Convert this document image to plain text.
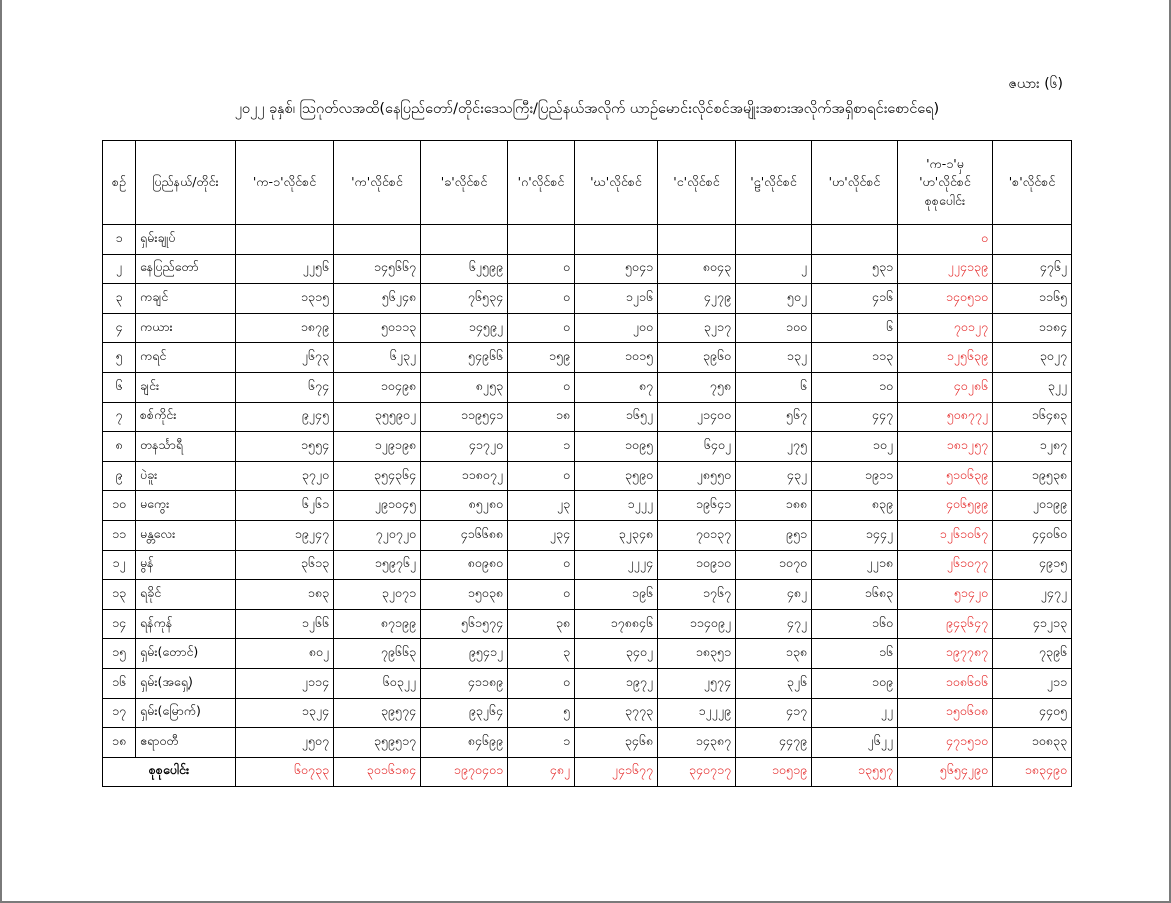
ဇယား (၆)
၂၀၂၂ ခုနှစ်၊ ဩဂုတ်လအထိ(နေပြည်တော်/တိုင်းဒေသကြီး/ပြည်နယ်အလိုက် ယာဉ်မောင်းလိုင်စင်အမျိုးအစားအလိုက်အရှိစာရင်းစောင်ရေ)
စဉ်	ပြည်နယ်/တိုင်း	'က-၁'လိုင်စင်	'က'လိုင်စင်	'ခ'လိုင်စင်	'ဂ'လိုင်စင်	'ဃ'လိုင်စင်	'င'လိုင်စင်	'ဠ'လိုင်စင်	'ဟ'လိုင်စင်	'က-၁'မှ 'ဟ'လိုင်စင် စုစုပေါင်း	'စ'လိုင်စင်
၁	ရှမ်းချုပ်									၀	
၂	နေပြည်တော်	၂၂၅၆	၁၄၅၆၆၇	၆၂၅၉၉	၀	၅၀၄၁	၈၀၄၃	၂	၅၃၁	၂၂၄၁၃၉	၄၇၆၂
၃	ကချင်	၁၃၁၅	၅၆၂၄၈	၇၆၅၃၄	၀	၁၂၁၆	၄၂၇၉	၅၀၂	၄၁၆	၁၄၀၅၁၀	၁၁၆၅
၄	ကယား	၁၈၇၉	၅၀၁၁၃	၁၄၅၉၂	၀	၂၀၀	၃၂၁၇	၁၀၀	၆	၇၀၁၂၇	၁၁၈၄
၅	ကရင်	၂၆၇၃	၆၂၃၂	၅၄၉၆၆	၁၅၉	၁၀၁၅	၃၉၆၀	၁၃၂	၁၁၃	၁၂၅၆၃၉	၃၀၂၇
၆	ချင်း	၆၇၄	၁၀၄၉၈	၈၂၅၃	၀	၈၇	၇၅၈	၆	၁၀	၄၀၂၈၆	၃၂၂
၇	စစ်ကိုင်း	၉၂၄၅	၃၅၅၉၀၂	၁၁၉၅၄၁	၁၈	၁၆၅၂	၂၁၄၀၀	၅၆၇	၄၄၇	၅၀၈၇၇၂	၁၆၄၈၃
၈	တနင်္သာရီ	၁၅၅၄	၁၂၉၁၉၈	၄၁၇၂၀	၁	၁၀၉၅	၆၄၀၂	၂၇၅	၁၀၂	၁၈၁၂၅၇	၁၂၈၇
၉	ပဲခူး	၃၇၂၀	၃၅၄၃၆၄	၁၁၈၀၇၂	၀	၃၅၉၀	၂၈၅၅၀	၄၃၂	၁၉၁၁	၅၁၀၆၃၉	၁၉၅၃၈
၁၀	မကွေး	၆၂၆၁	၂၉၁၀၄၅	၈၅၂၈၀	၂၃	၁၂၂၂	၁၉၆၄၁	၁၈၈	၈၃၉	၄၀၆၅၉၉	၂၀၁၉၉
၁၁	မန္တလေး	၁၉၂၄၇	၇၂၀၇၂၀	၄၁၆၆၈၈	၂၃၄	၃၂၃၄၈	၇၀၁၃၇	၉၅၁	၁၄၄၂	၁၂၆၁၀၆၇	၄၄၀၆၀
၁၂	မွန်	၃၆၁၃	၁၅၉၇၆၂	၈၀၉၈၀	၀	၂၂၂၄	၁၀၉၁၀	၁၀၇၀	၂၂၁၈	၂၆၁၀၇၇	၄၉၁၅
၁၃	ရခိုင်	၁၈၃	၃၂၀၇၁	၁၅၀၃၈	၀	၁၉၆	၁၇၆၇	၄၈၂	၁၆၈၃	၅၁၄၂၀	၂၄၇၂
၁၄	ရန်ကုန်	၁၂၆၆	၈၇၁၉၉	၅၆၁၅၇၄	၃၈	၁၇၈၈၄၆	၁၁၄၀၉၂	၄၇၂	၁၆၀	၉၄၃၆၄၇	၄၁၂၁၃
၁၅	ရှမ်း(တောင်)	၈၀၂	၇၉၆၆၃	၉၅၄၁၂	၃	၃၄၀၂	၁၈၃၅၁	၁၃၈	၁၆	၁၉၇၇၈၇	၇၃၉၆
၁၆	ရှမ်း(အရှေ့)	၂၁၁၄	၆၀၃၂၂	၄၁၁၈၉	၀	၁၉၇၂	၂၅၇၄	၃၂၆	၁၀၉	၁၀၈၆၀၆	၂၁၁
၁၇	ရှမ်း(မြောက်)	၁၃၂၄	၃၉၅၇၄	၉၃၂၆၄	၅	၃၇၇၃	၁၂၂၂၉	၄၁၇	၂၂	၁၅၀၆၀၈	၄၄၀၅
၁၈	ဧရာဝတီ	၂၅၀၇	၃၅၉၅၁၇	၈၄၆၉၉	၁	၃၄၆၈	၁၄၃၈၇	၄၄၇၉	၂၆၂၂	၄၇၁၅၁၀	၁၀၈၃၃
စုစုပေါင်း		၆၀၇၃၃	၃၀၁၆၁၈၄	၁၉၇၀၄၀၁	၄၈၂	၂၄၁၆၇၇	၃၄၀၇၁၇	၁၀၅၁၉	၁၃၅၅၇	၅၆၅၄၂၉၀	၁၈၃၄၉၀
